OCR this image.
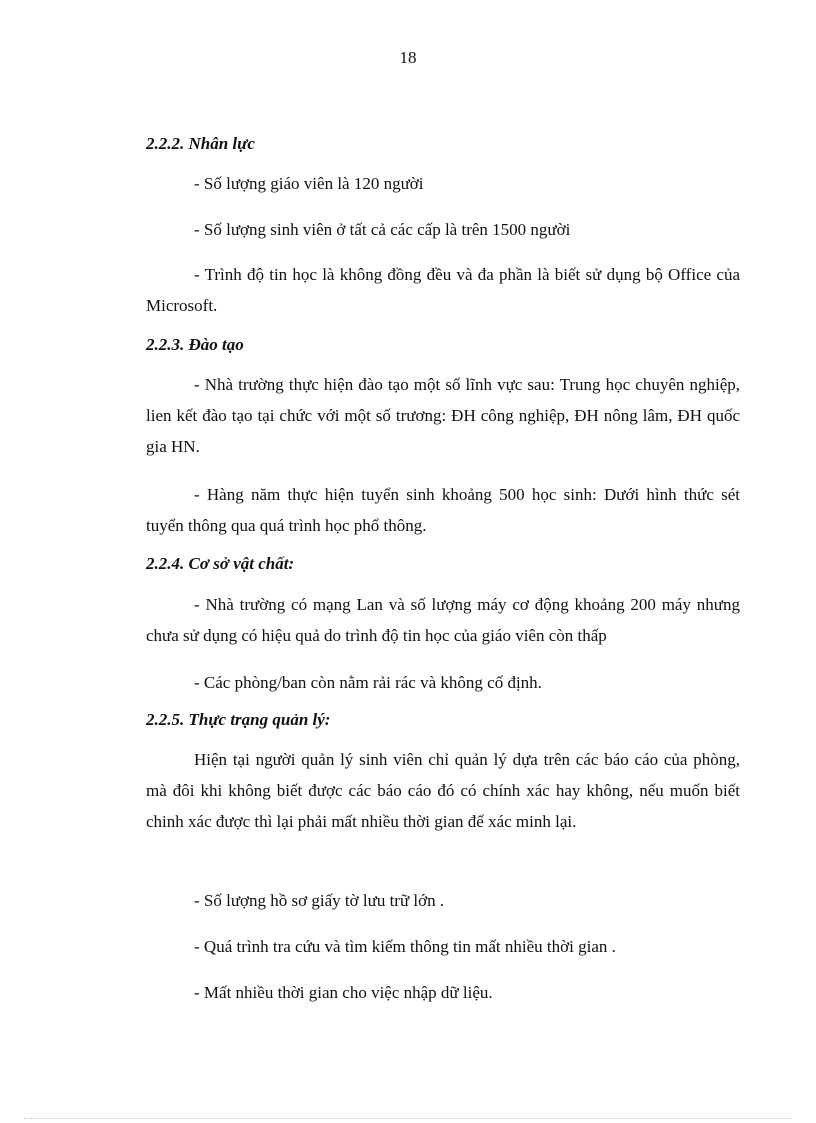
18
2.2.2. Nhân lực
- Số lượng giáo viên là 120 người
- Số lượng sinh viên ở tất cả các cấp là trên 1500 người
- Trình độ tin học là không đồng đều và đa phần là biết sử dụng bộ Office của Microsoft.
2.2.3. Đào tạo
- Nhà trường thực hiện đào tạo một số lĩnh vực sau: Trung học chuyên nghiệp, lien kết đào tạo tại chức với một số trương: ĐH công nghiệp, ĐH nông lâm, ĐH quốc gia HN.
- Hàng năm thực hiện tuyển sinh khoảng 500 học sinh: Dưới hình thức sét tuyển thông qua quá trình học phổ thông.
2.2.4. Cơ sở vật chất:
- Nhà trường có mạng Lan và số lượng máy cơ động khoảng 200 máy nhưng chưa sử dụng có hiệu quả do trình độ tin học của giáo viên còn thấp
- Các phòng/ban còn nằm rải rác và không cố định.
2.2.5. Thực trạng quản lý:
Hiện tại người quản lý sinh viên chỉ quản lý dựa trên các báo cáo của phòng, mà đôi khi không biết được các báo cáo đó có chính xác hay không, nếu muốn biết chinh xác được thì lại phải mất nhiều thời gian để xác minh lại.
- Số lượng hồ sơ giấy tờ lưu trữ lớn .
- Quá trình tra cứu và tìm kiếm thông tin mất nhiều thời gian .
- Mất nhiều thời gian cho việc nhập dữ liệu.
